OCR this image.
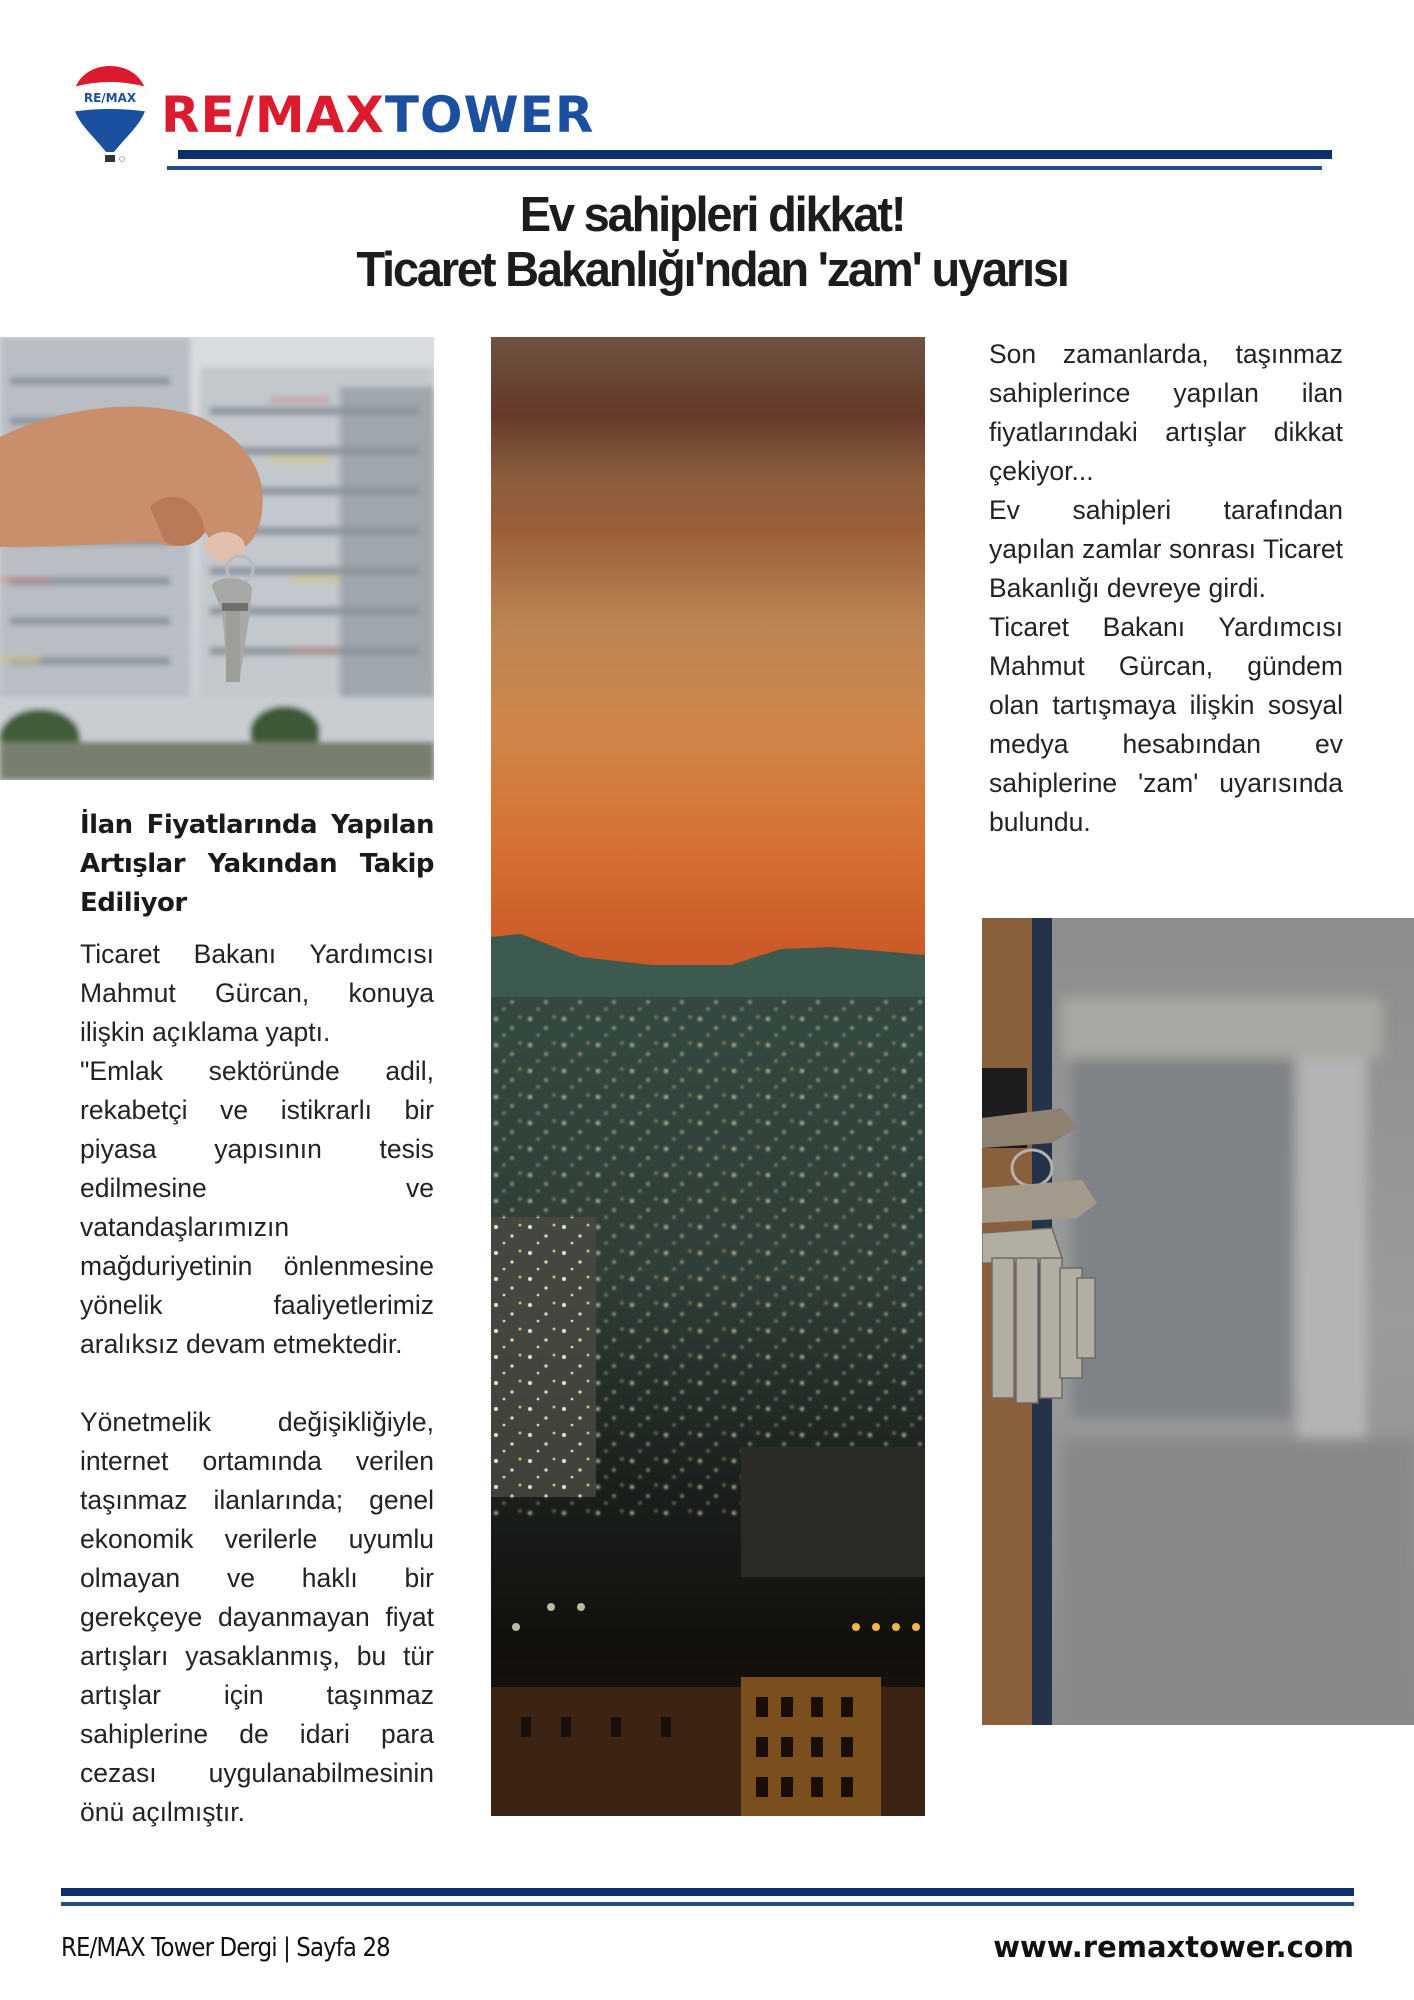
RE/MAX RE/MAXTOWER
Ev sahipleri dikkat!
Ticaret Bakanlığı'ndan 'zam' uyarısı
İlan Fiyatlarında Yapılan Artışlar Yakından Takip Ediliyor

Ticaret Bakanı Yardımcısı Mahmut Gürcan, konuya ilişkin açıklama yaptı.

"Emlak sektöründe adil, rekabetçi ve istikrarlı bir piyasa yapısının tesis edilmesine ve vatandaşlarımızın mağduriyetinin önlenmesine yönelik faaliyetlerimiz aralıksız devam etmektedir.

Yönetmelik değişikliğiyle, internet ortamında verilen taşınmaz ilanlarında; genel ekonomik verilerle uyumlu olmayan ve haklı bir gerekçeye dayanmayan fiyat artışları yasaklanmış, bu tür artışlar için taşınmaz sahiplerine de idari para cezası uygulanabilmesinin önü açılmıştır.

Son zamanlarda, taşınmaz sahiplerince yapılan ilan fiyatlarındaki artışlar dikkat çekiyor...

Ev sahipleri tarafından yapılan zamlar sonrası Ticaret Bakanlığı devreye girdi.

Ticaret Bakanı Yardımcısı Mahmut Gürcan, gündem olan tartışmaya ilişkin sosyal medya hesabından ev sahiplerine 'zam' uyarısında bulundu.

RE/MAX Tower Dergi | Sayfa 28	www.remaxtower.com
